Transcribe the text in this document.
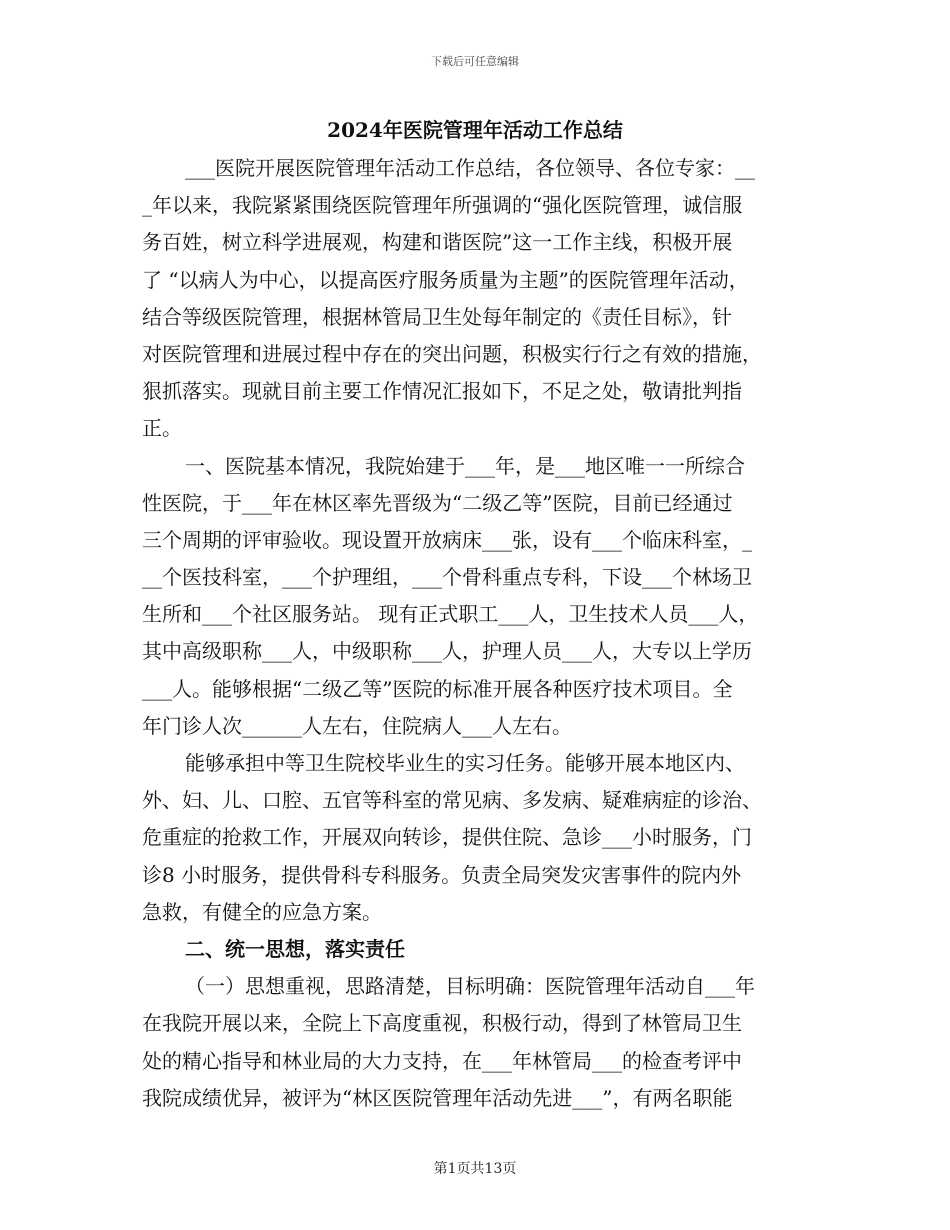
下载后可任意编辑
2024年医院管理年活动工作总结
___医院开展医院管理年活动工作总结，各位领导、各位专家：__
_年以来，我院紧紧围绕医院管理年所强调的“强化医院管理，诚信服
务百姓，树立科学进展观，构建和谐医院”这一工作主线，积极开展
了 “以病人为中心，以提高医疗服务质量为主题”的医院管理年活动，
结合等级医院管理，根据林管局卫生处每年制定的《责任目标》，针
对医院管理和进展过程中存在的突出问题，积极实行行之有效的措施，
狠抓落实。现就目前主要工作情况汇报如下，不足之处，敬请批判指
正。
一、医院基本情况，我院始建于___年，是___地区唯一一所综合
性医院，于___年在林区率先晋级为“二级乙等”医院，目前已经通过
三个周期的评审验收。现设置开放病床___张，设有___个临床科室，_
__个医技科室，___个护理组，___个骨科重点专科，下设___个林场卫
生所和___个社区服务站。 现有正式职工___人，卫生技术人员___人，
其中高级职称___人，中级职称___人，护理人员___人，大专以上学历
___人。能够根据“二级乙等”医院的标准开展各种医疗技术项目。全
年门诊人次______人左右，住院病人___人左右。
能够承担中等卫生院校毕业生的实习任务。能够开展本地区内、
外、妇、儿、口腔、五官等科室的常见病、多发病、疑难病症的诊治、
危重症的抢救工作，开展双向转诊，提供住院、急诊___小时服务，门
诊8 小时服务，提供骨科专科服务。负责全局突发灾害事件的院内外
急救，有健全的应急方案。
二、统一思想，落实责任
（一）思想重视，思路清楚，目标明确：医院管理年活动自___年
在我院开展以来，全院上下高度重视，积极行动，得到了林管局卫生
处的精心指导和林业局的大力支持，在___年林管局___的检查考评中
我院成绩优异，被评为“林区医院管理年活动先进___”，有两名职能
第1页共13页
